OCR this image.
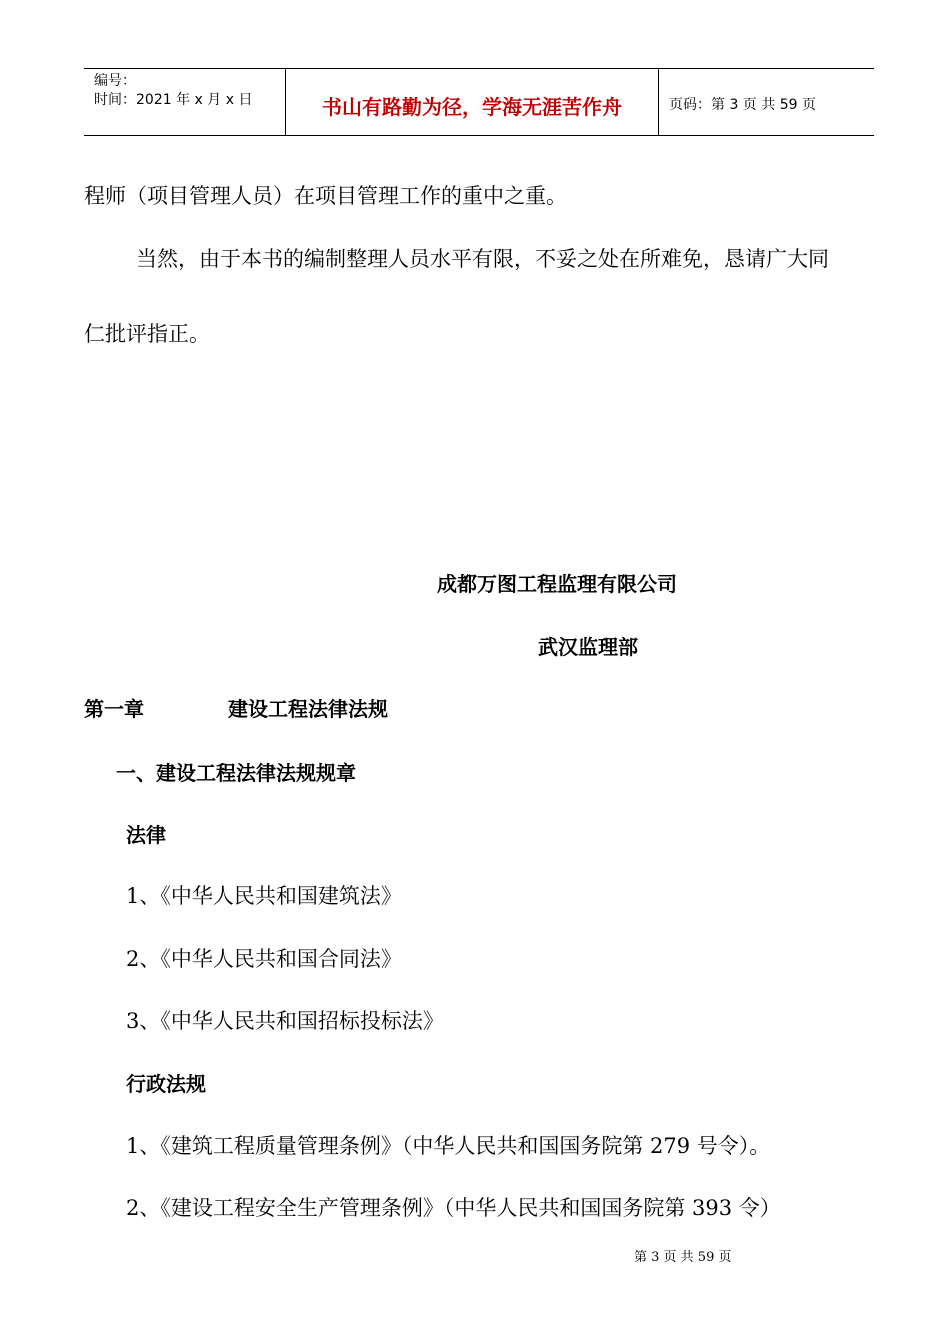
编号：
时间：2021 年 x 月 x 日	书山有路勤为径，学海无涯苦作舟	页码：第 3 页 共 59 页
程师（项目管理人员）在项目管理工作的重中之重。
当然，由于本书的编制整理人员水平有限，不妥之处在所难免，恳请广大同
仁批评指正。
成都万图工程监理有限公司
武汉监理部
第一章	建设工程法律法规
一、建设工程法律法规规章
法律
1、《中华人民共和国建筑法》
2、《中华人民共和国合同法》
3、《中华人民共和国招标投标法》
行政法规
1、《建筑工程质量管理条例》（中华人民共和国国务院第 279 号令）。
2、《建设工程安全生产管理条例》（中华人民共和国国务院第 393 令）
第 3 页 共 59 页
